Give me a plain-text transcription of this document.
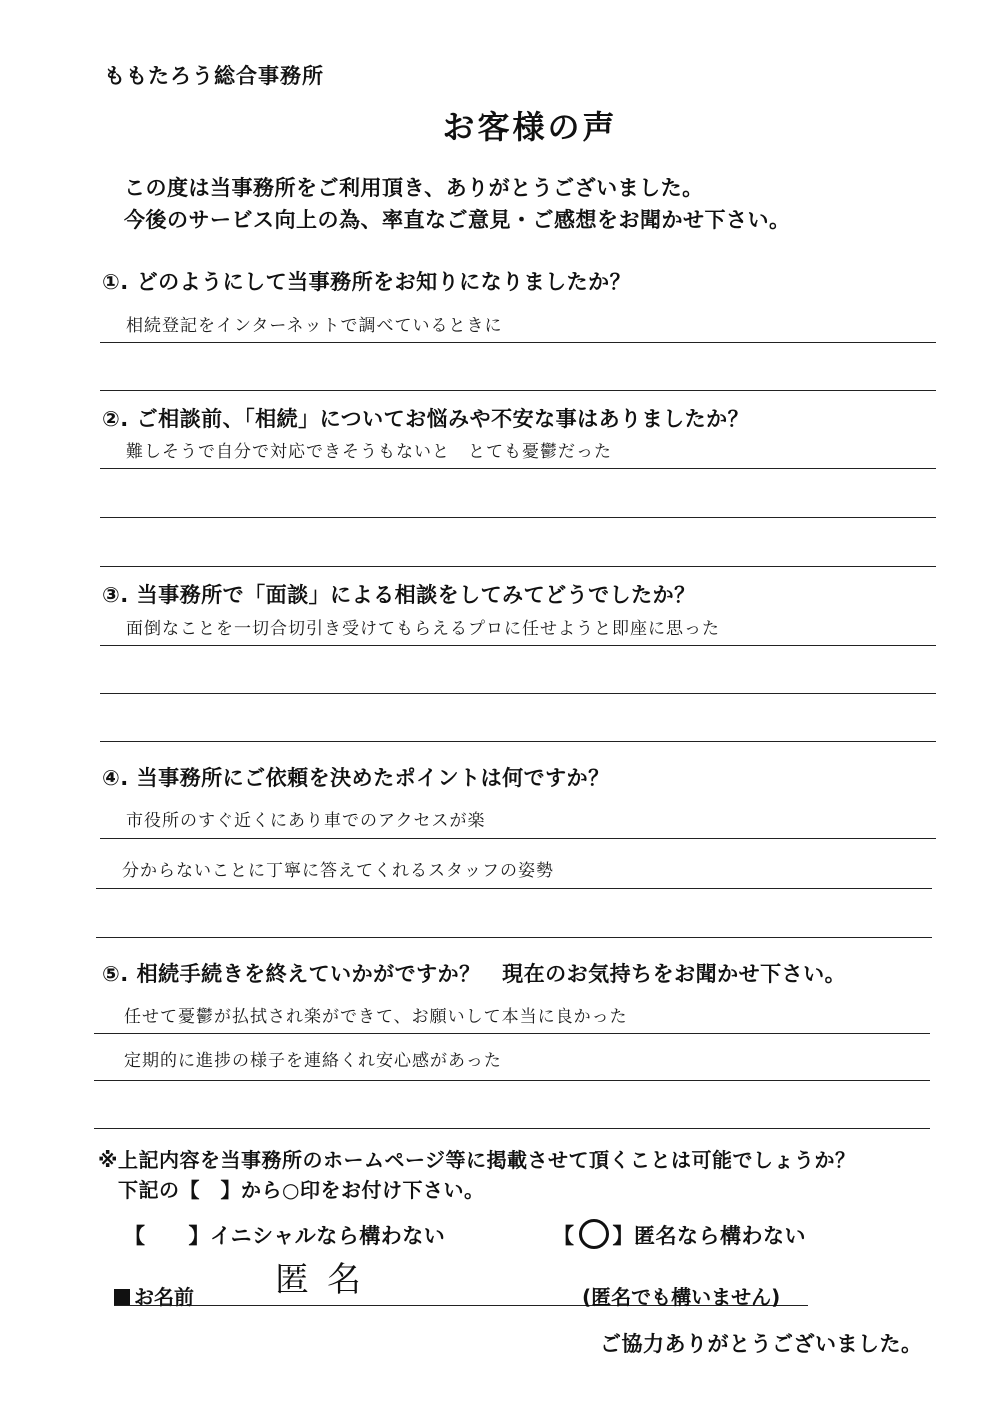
ももたろう総合事務所
お客様の声
この度は当事務所をご利用頂き、ありがとうございました。
今後のサービス向上の為、率直なご意見・ご感想をお聞かせ下さい。
①. どのようにして当事務所をお知りになりましたか？
相続登記をインターネットで調べているときに
②. ご相談前、「相続」についてお悩みや不安な事はありましたか？
難しそうで自分で対応できそうもないと　とても憂鬱だった
③. 当事務所で「面談」による相談をしてみてどうでしたか？
面倒なことを一切合切引き受けてもらえるプロに任せようと即座に思った
④. 当事務所にご依頼を決めたポイントは何ですか？
市役所のすぐ近くにあり車でのアクセスが楽
分からないことに丁寧に答えてくれるスタッフの姿勢
⑤. 相続手続きを終えていかがですか？　現在のお気持ちをお聞かせ下さい。
任せて憂鬱が払拭され楽ができて、お願いして本当に良かった
定期的に進捗の様子を連絡くれ安心感があった
※上記内容を当事務所のホームページ等に掲載させて頂くことは可能でしょうか？
下記の【　】から○印をお付け下さい。
【　　】イニシャルなら構わない	【 】匿名なら構わない
お名前 匿名	(匿名でも構いません)
ご協力ありがとうございました。
